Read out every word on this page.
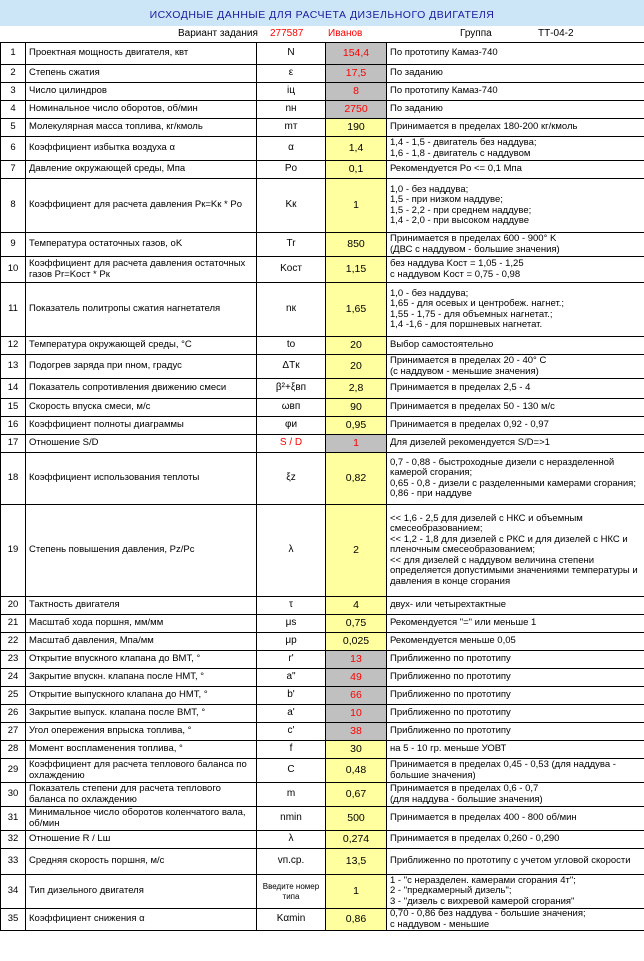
ИСХОДНЫЕ ДАННЫЕ ДЛЯ РАСЧЕТА ДИЗЕЛЬНОГО ДВИГАТЕЛЯ
Вариант задания 277587 Иванов	Группа	ТТ-04-2
1	Проектная мощность двигателя, квт	N	154,4	По прототипу Камаз-740
2	Степень сжатия	ε	17,5	По заданию
3	Число цилиндров	iц	8	По прототипу Камаз-740
4	Номинальное число оборотов, об/мин	nн	2750	По заданию
5	Молекулярная масса топлива, кг/кмоль	mт	190	Принимается в пределах 180-200 кг/кмоль
6	Коэффициент избытка воздуха α	α	1,4	1,4 - 1,5 - двигатель без наддува;
1,6 - 1,8 - двигатель с наддувом
7	Давление окружающей среды, Мпа	Pо	0,1	Рекомендуется Po <= 0,1 Мпа
8	Коэффициент для расчета давления Pк=Kк * Pо	Kк	1	1,0 - без наддува;
1,5 - при низком наддуве;
1,5 - 2,2 - при среднем наддуве;
1,4 - 2,0 - при высоком наддуве
9	Температура остаточных газов, оK	Tr	850	Принимается в пределах 600 - 900° K
(ДВС с наддувом - большие значения)
10	Коэффициент для расчета давления остаточных газов Pr=Kост * Pк	Kост	1,15	без наддува Kост = 1,05 - 1,25
с наддувом Kост = 0,75 - 0,98
11	Показатель политропы сжатия нагнетателя	nк	1,65	1,0 - без наддува;
1,65 - для осевых и центробеж. нагнет.;
1,55 - 1,75 - для объемных нагнетат.;
1,4 -1,6 - для поршневых нагнетат.
12	Температура окружающей среды, °C	tо	20	Выбор самостоятельно
13	Подогрев заряда при nном, градус	ΔTк	20	Принимается в пределах 20 - 40° C
(с наддувом - меньшие значения)
14	Показатель сопротивления движению смеси	β²+ξвп	2,8	Принимается в пределах 2,5 - 4
15	Скорость впуска смеси, м/с	ωвп	90	Принимается в пределах 50 - 130 м/с
16	Коэффициент полноты диаграммы	φи	0,95	Принимается в пределах 0,92 - 0,97
17	Отношение S/D	S / D	1	Для дизелей рекомендуется S/D=>1
18	Коэффициент использования теплоты	ξz	0,82	0,7 - 0,88 - быстроходные дизели с неразделенной камерой сгорания;
0,65 - 0,8 - дизели с разделенными камерами сгорания;
0,86 - при наддуве
19	Степень повышения давления, Pz/Pc	λ	2	<< 1,6 - 2,5 для дизелей с НКС и объемным смесеобразованием;
<< 1,2 - 1,8 для дизелей с РКС и для дизелей с НКС и пленочным смесеобразованием;
<< для дизелей с наддувом величина степени определяется допустимыми значениями температуры и давления в конце сгорания
20	Тактность двигателя	τ	4	двух- или четырехтактные
21	Масштаб хода поршня, мм/мм	μs	0,75	Рекомендуется "=" или меньше 1
22	Масштаб давления, Мпа/мм	μр	0,025	Рекомендуется меньше 0,05
23	Открытие впускного клапана до ВМТ, °	r'	13	Приближенно по прототипу
24	Закрытие впускн. клапана после НМТ, °	a"	49	Приближенно по прототипу
25	Открытие выпускного клапана до НМТ, °	b'	66	Приближенно по прототипу
26	Закрытие выпуск. клапана после ВМТ, °	a'	10	Приближенно по прототипу
27	Угол опережения впрыска топлива, °	c'	38	Приближенно по прототипу
28	Момент воспламенения топлива, °	f	30	на 5 - 10 гр. меньше УОВТ
29	Коэффициент для расчета теплового баланса по охлаждению	C	0,48	Принимается в пределах 0,45 - 0,53 (для наддува - большие значения)
30	Показатель степени для расчета теплового баланса по охлаждению	m	0,67	Принимается в пределах 0,6 - 0,7
(для наддува - большие значения)
31	Минимальное число оборотов коленчатого вала, об/мин	nmin	500	Принимается в пределах 400 - 800 об/мин
32	Отношение R / Lш	λ	0,274	Принимается в пределах 0,260 - 0,290
33	Средняя скорость поршня, м/с	vп.ср.	13,5	Приближенно по прототипу с учетом угловой скорости
34	Тип дизельного двигателя	Введите номер типа	1	1 - "с неразделен. камерами сгорания 4т";
2 - "предкамерный дизель";
3 - "дизель с вихревой камерой сгорания"
35	Коэффициент снижения α	Kαmin	0,86	0,70 - 0,86 без наддува - большие значения;
с наддувом - меньшие
